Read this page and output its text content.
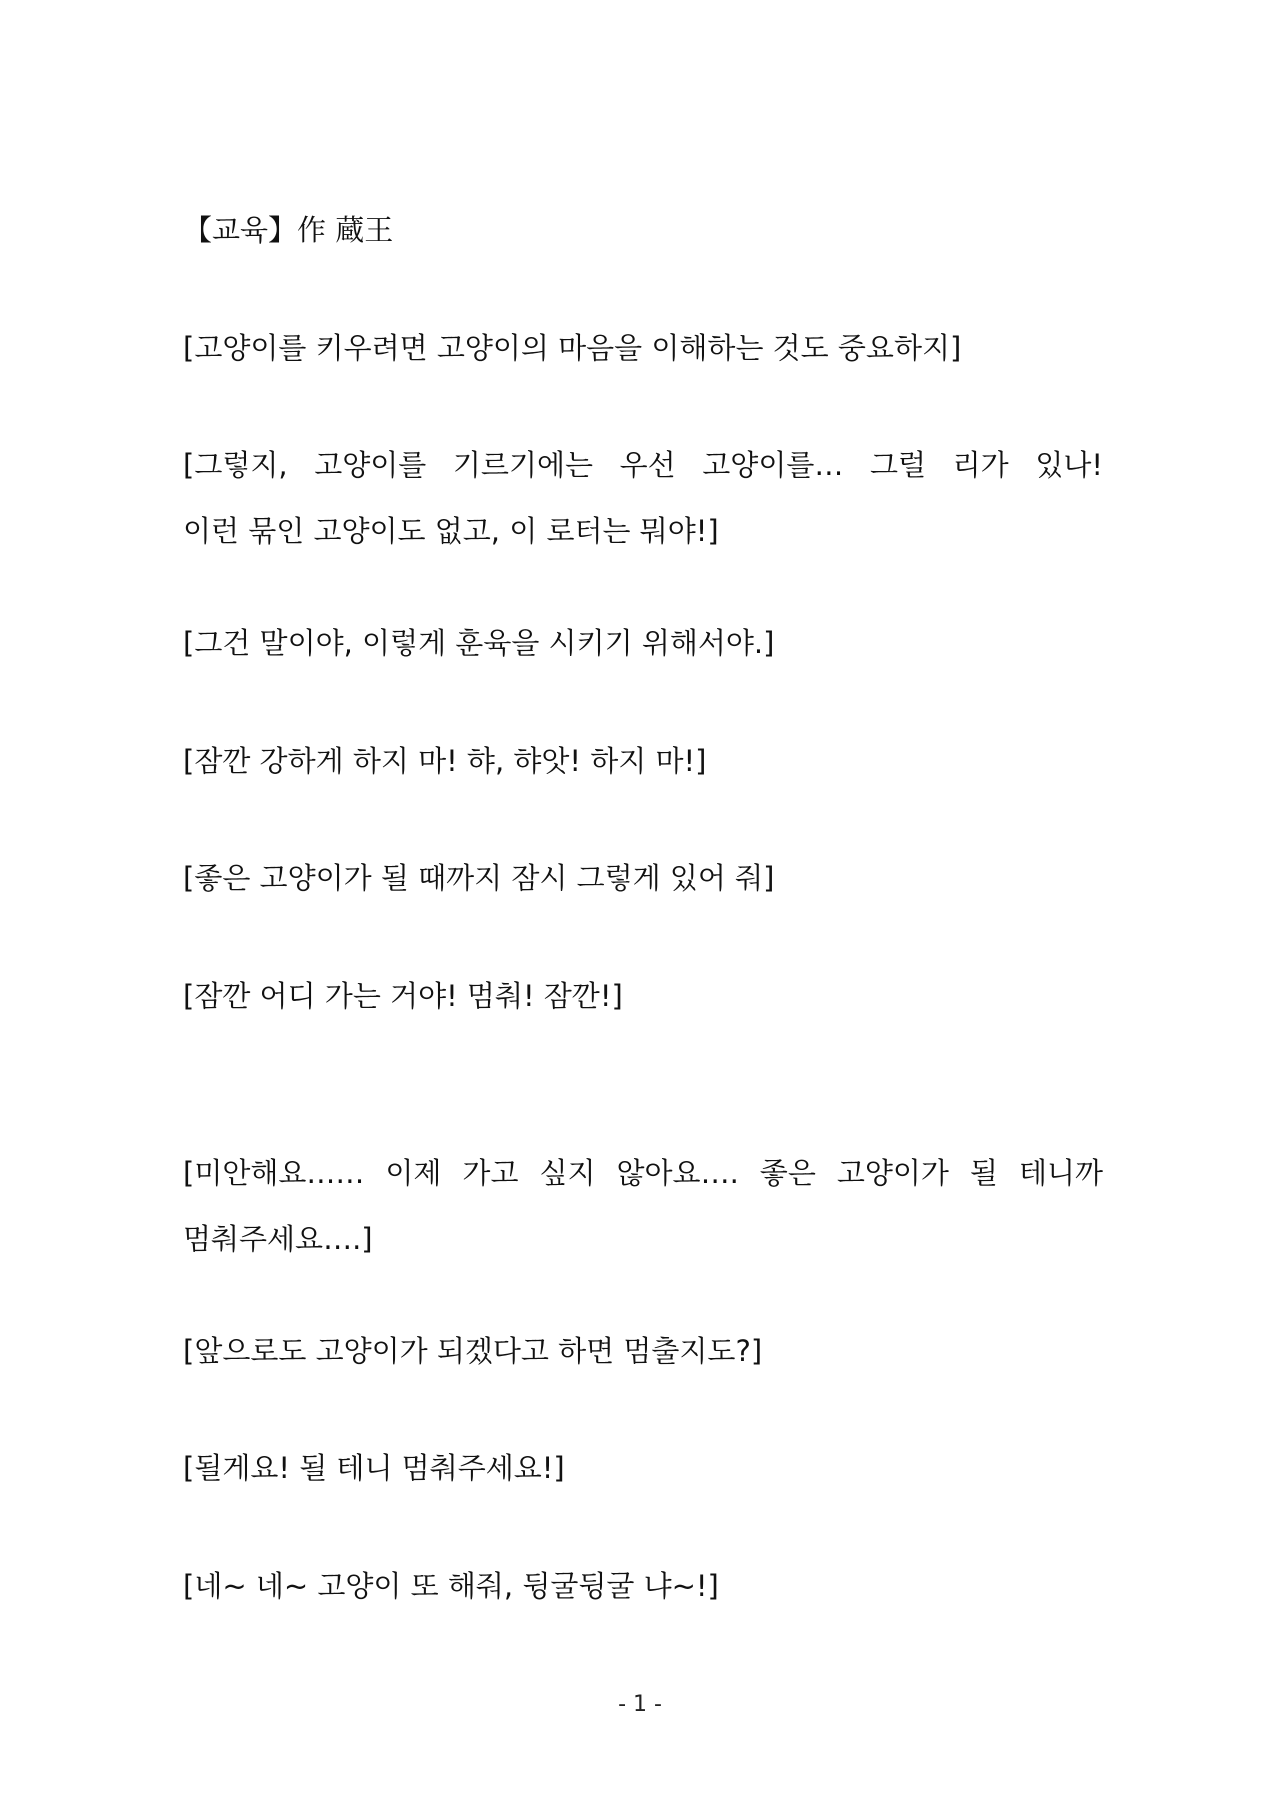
【교육】作 蔵王
[고양이를 키우려면 고양이의 마음을 이해하는 것도 중요하지]
[그렇지, 고양이를 기르기에는 우선 고양이를… 그럴 리가 있나!
이런 묶인 고양이도 없고, 이 로터는 뭐야!]
[그건 말이야, 이렇게 훈육을 시키기 위해서야.]
[잠깐 강하게 하지 마! 햐, 햐앗! 하지 마!]
[좋은 고양이가 될 때까지 잠시 그렇게 있어 줘]
[잠깐 어디 가는 거야! 멈춰! 잠깐!]
[미안해요…… 이제 가고 싶지 않아요…. 좋은 고양이가 될 테니까
멈춰주세요….]
[앞으로도 고양이가 되겠다고 하면 멈출지도?]
[될게요! 될 테니 멈춰주세요!]
[네~ 네~ 고양이 또 해줘, 뒹굴뒹굴 냐~!]
- 1 -
